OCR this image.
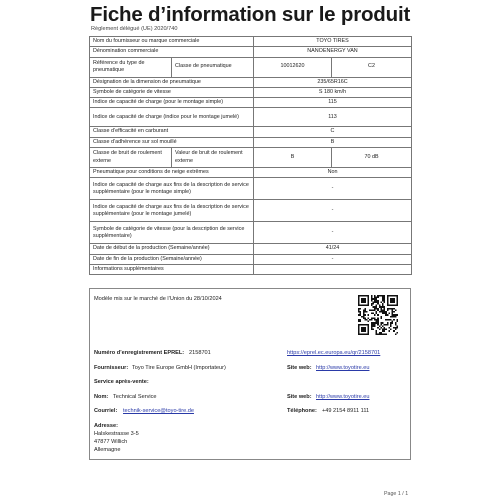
Fiche d’information sur le produit
Règlement délégué (UE) 2020/740
Nom du fournisseur ou marque commerciale		TOYO TIRES	
Dénomination commerciale		NANOENERGY VAN	
Référence du type de pneumatique	Classe de pneumatique	10012620	C2
Désignation de la dimension de pneumatique		235/65R16C	
Symbole de catégorie de vitesse		S 180 km/h	
Indice de capacité de charge (pour le montage simple)		115	
Indice de capacité de charge (indice pour le montage jumelé)		113	
Classe d’efficacité en carburant		C	
Classe d’adhérence sur sol mouillé		B	
Classe de bruit de roulement externe	Valeur de bruit de roulement externe	B	70 dB
Pneumatique pour conditions de neige extrêmes		Non	
Indice de capacité de charge aux fins de la description de service supplémentaire (pour le montage simple)		-	
Indice de capacité de charge aux fins de la description de service supplémentaire (pour le montage jumelé)		-	
Symbole de catégorie de vitesse (pour la description de service supplémentaire)		-	
Date de début de la production (Semaine/année)		41/24	
Date de fin de la production (Semaine/année)		-	
Informations supplémentaires			
Modèle mis sur le marché de l’Union du 28/10/2024
Numéro d’enregistrement EPREL: 2158701	https://eprel.ec.europa.eu/qr/2158701
Fournisseur: Toyo Tire Europe GmbH (Importateur)	Site web: http://www.toyotire.eu
Service après-vente:
Nom: Technical Service	Site web: http://www.toyotire.eu
Courriel: technik-service@toyo-tire.de	Téléphone: +49 2154 8911 111
Adresse:
Halskestrasse 3-5
47877 Willich
Allemagne
Page 1 / 1
